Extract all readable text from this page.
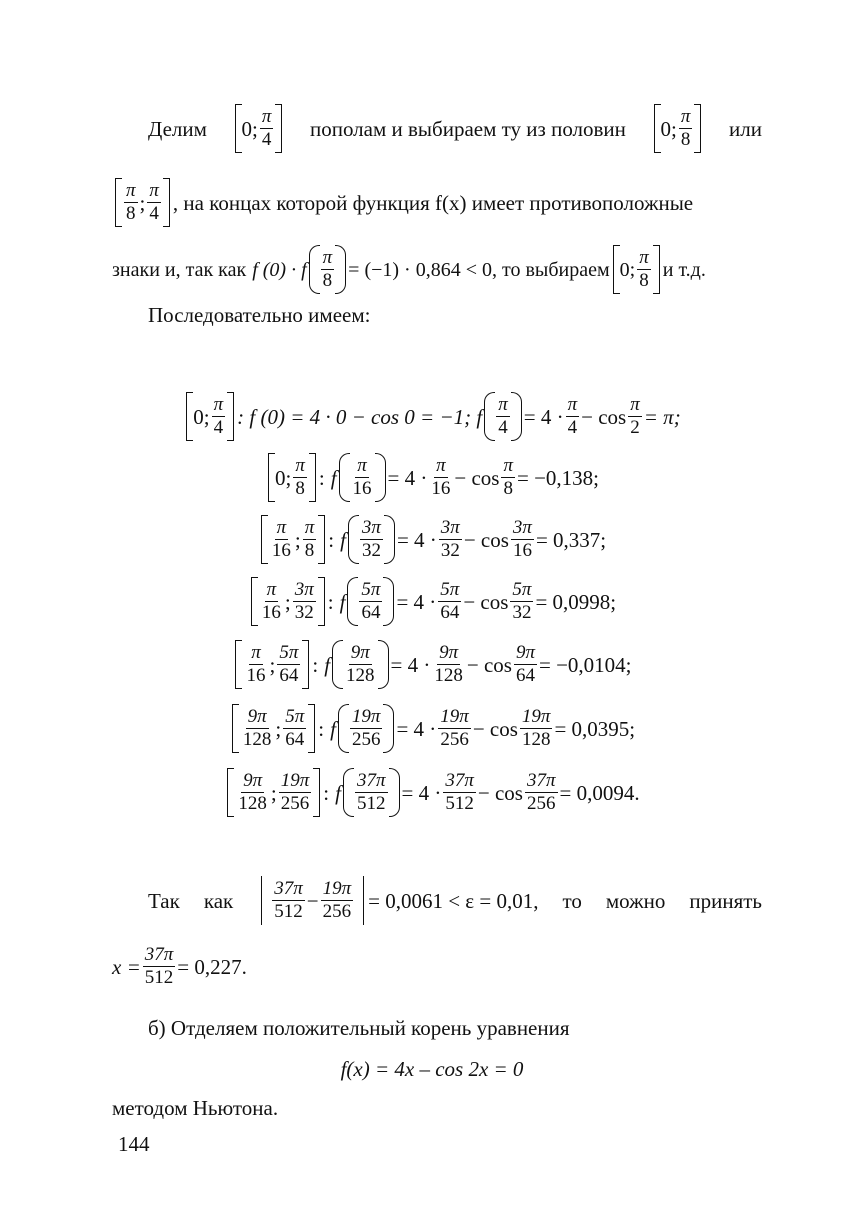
Делим 0; $\frac{\pi}{4}$ пополам и выбираем ту из половин 0; $\frac{\pi}{8}$ или
$\frac{\pi}{8}$ ; $\frac{\pi}{4}$ , на концах которой функция f(x) имеет противоположные
знаки и, так как f (0) · f $\frac{\pi}{8} = (-1) \cdot 0,864 < 0$, то выбираем 0; $\frac{\pi}{8}$ и т.д.
Последовательно имеем:
0; $\frac{\pi}{4}$ : f (0) = 4 · 0 − cos 0 = −1; f $\frac{\pi}{4} = 4 \cdot \frac{\pi}{4} - \cos \frac{\pi}{2} = \pi$;
0; $\frac{\pi}{8}$ : f $\frac{\pi}{16} = 4 \cdot \frac{\pi}{16} - \cos \frac{\pi}{8} = -0,138$;
$\frac{\pi}{16}$ ; $\frac{\pi}{8}$ : f $\frac{3\pi}{32} = 4 \cdot \frac{3\pi}{32} - \cos \frac{3\pi}{16} = 0,337$;
$\frac{\pi}{16}$ ; $\frac{3\pi}{32}$ : f $\frac{5\pi}{64} = 4 \cdot \frac{5\pi}{64} - \cos \frac{5\pi}{32} = 0,0998$;
$\frac{\pi}{16}$ ; $\frac{5\pi}{64}$ : f $\frac{9\pi}{128} = 4 \cdot \frac{9\pi}{128} - \cos \frac{9\pi}{64} = -0,0104$;
$\frac{9\pi}{128}$ ; $\frac{5\pi}{64}$ : f $\frac{19\pi}{256} = 4 \cdot \frac{19\pi}{256} - \cos \frac{19\pi}{128} = 0,0395$;
$\frac{9\pi}{128}$ ; $\frac{19\pi}{256}$ : f $\frac{37\pi}{512} = 4 \cdot \frac{37\pi}{512} - \cos \frac{37\pi}{256} = 0,0094$.
Так как $\frac{37\pi}{512} - \frac{19\pi}{256} = 0,0061 < \varepsilon = 0,01$, то можно принять
$x = \frac{37\pi}{512} = 0,227$.
б) Отделяем положительный корень уравнения
f(x) = 4x – cos 2x = 0
методом Ньютона.
144
